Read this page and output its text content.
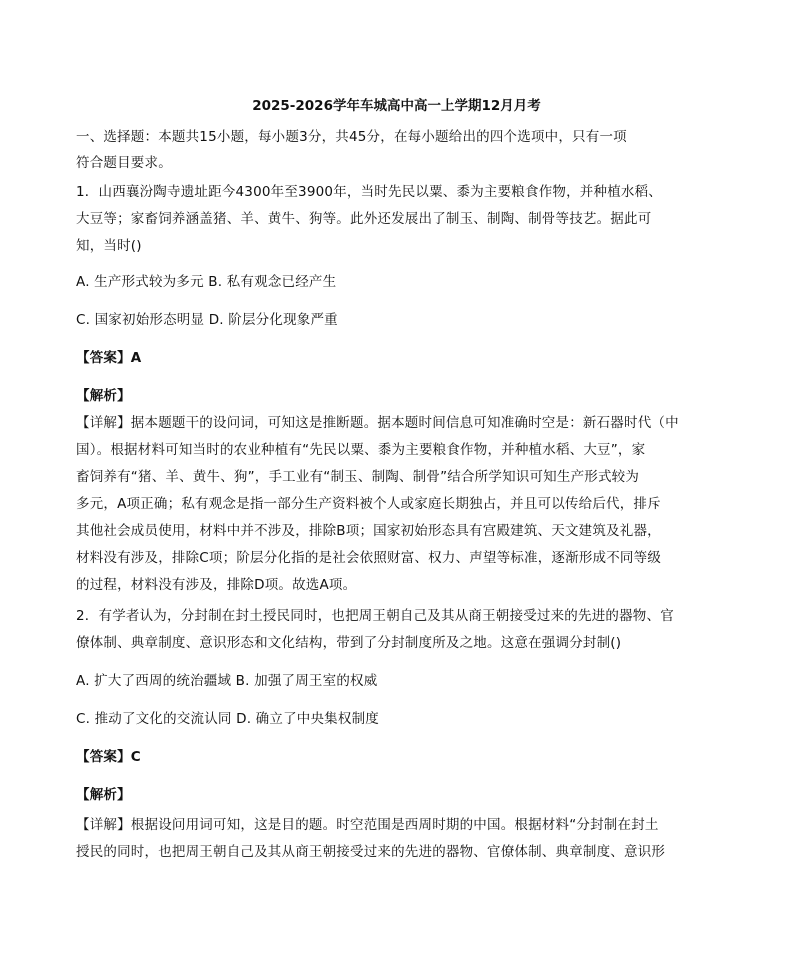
2025-2026学年车城高中高一上学期12月月考
一、选择题：本题共15小题，每小题3分，共45分，在每小题给出的四个选项中，只有一项
符合题目要求。
1．山西襄汾陶寺遗址距今4300年至3900年，当时先民以粟、黍为主要粮食作物，并种植水稻、
大豆等；家畜饲养涵盖猪、羊、黄牛、狗等。此外还发展出了制玉、制陶、制骨等技艺。据此可
知，当时()
A. 生产形式较为多元 B. 私有观念已经产生
C. 国家初始形态明显 D. 阶层分化现象严重
【答案】A
【解析】
【详解】据本题题干的设问词，可知这是推断题。据本题时间信息可知准确时空是：新石器时代（中
国）。根据材料可知当时的农业种植有“先民以粟、黍为主要粮食作物，并种植水稻、大豆”，家
畜饲养有“猪、羊、黄牛、狗”，手工业有“制玉、制陶、制骨”结合所学知识可知生产形式较为
多元，A项正确；私有观念是指一部分生产资料被个人或家庭长期独占，并且可以传给后代，排斥
其他社会成员使用，材料中并不涉及，排除B项；国家初始形态具有宫殿建筑、天文建筑及礼器，
材料没有涉及，排除C项；阶层分化指的是社会依照财富、权力、声望等标准，逐渐形成不同等级
的过程，材料没有涉及，排除D项。故选A项。
2．有学者认为，分封制在封土授民同时，也把周王朝自己及其从商王朝接受过来的先进的器物、官
僚体制、典章制度、意识形态和文化结构，带到了分封制度所及之地。这意在强调分封制()
A. 扩大了西周的统治疆域 B. 加强了周王室的权威
C. 推动了文化的交流认同 D. 确立了中央集权制度
【答案】C
【解析】
【详解】根据设问用词可知，这是目的题。时空范围是西周时期的中国。根据材料“分封制在封土
授民的同时，也把周王朝自己及其从商王朝接受过来的先进的器物、官僚体制、典章制度、意识形
